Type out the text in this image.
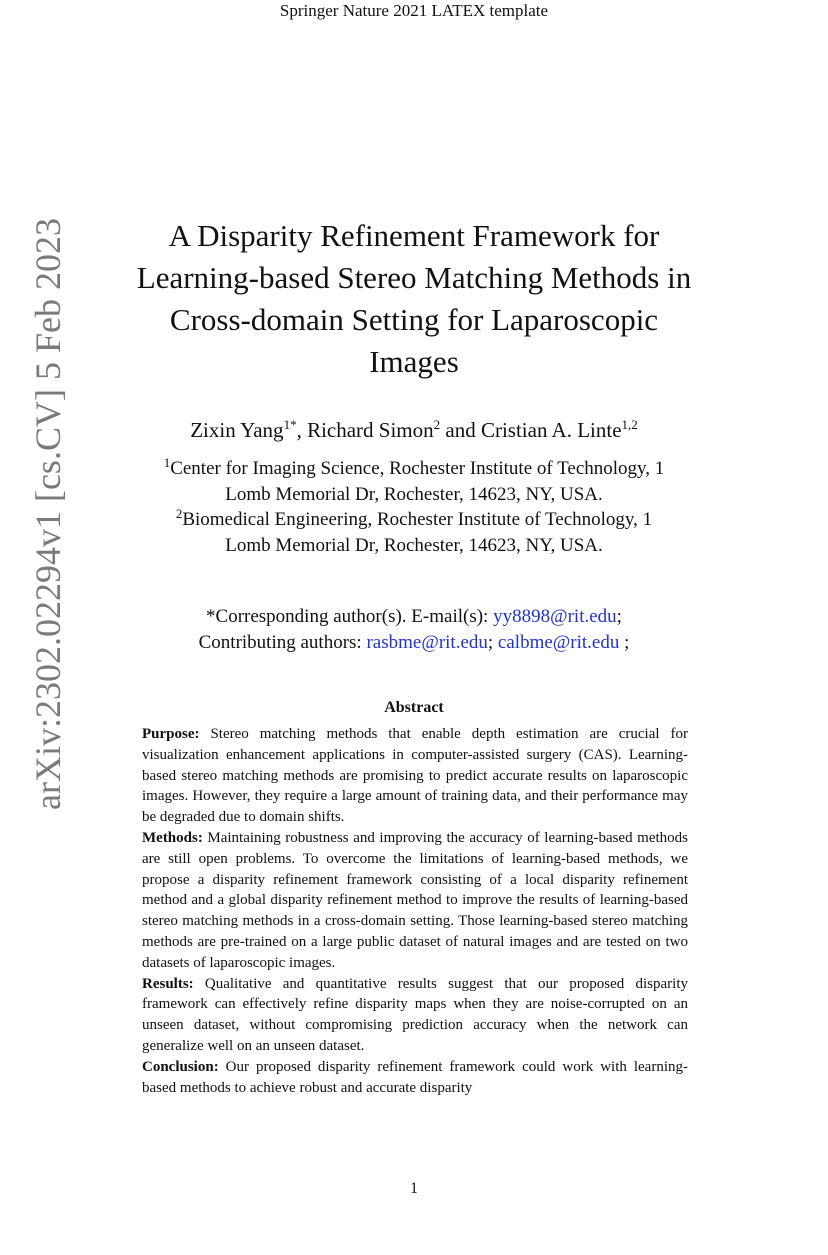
Springer Nature 2021 LATEX template
arXiv:2302.02294v1 [cs.CV] 5 Feb 2023	A Disparity Refinement Framework for
Learning-based Stereo Matching Methods in
Cross-domain Setting for Laparoscopic
Images
Zixin Yang$^{1*}$, Richard Simon$^2$ and Cristian A. Linte$^{1,2}$
$^1$Center for Imaging Science, Rochester Institute of Technology, 1
Lomb Memorial Dr, Rochester, 14623, NY, USA.
$^2$Biomedical Engineering, Rochester Institute of Technology, 1
Lomb Memorial Dr, Rochester, 14623, NY, USA.
*Corresponding author(s). E-mail(s): yy8898@rit.edu;
Contributing authors: rasbme@rit.edu; calbme@rit.edu ;
Abstract

Purpose: Stereo matching methods that enable depth estimation are crucial for visualization enhancement applications in computer-assisted surgery (CAS). Learning-based stereo matching methods are promising to predict accurate results on laparoscopic images. However, they require a large amount of training data, and their performance may be degraded due to domain shifts.

Methods: Maintaining robustness and improving the accuracy of learning-based methods are still open problems. To overcome the limitations of learning-based methods, we propose a disparity refinement framework consisting of a local disparity refinement method and a global disparity refinement method to improve the results of learning-based stereo matching methods in a cross-domain setting. Those learning-based stereo matching methods are pre-trained on a large public dataset of natural images and are tested on two datasets of laparoscopic images.

Results: Qualitative and quantitative results suggest that our proposed disparity framework can effectively refine disparity maps when they are noise-corrupted on an unseen dataset, without compromising prediction accuracy when the network can generalize well on an unseen dataset.

Conclusion: Our proposed disparity refinement framework could work with learning-based methods to achieve robust and accurate disparity

1
